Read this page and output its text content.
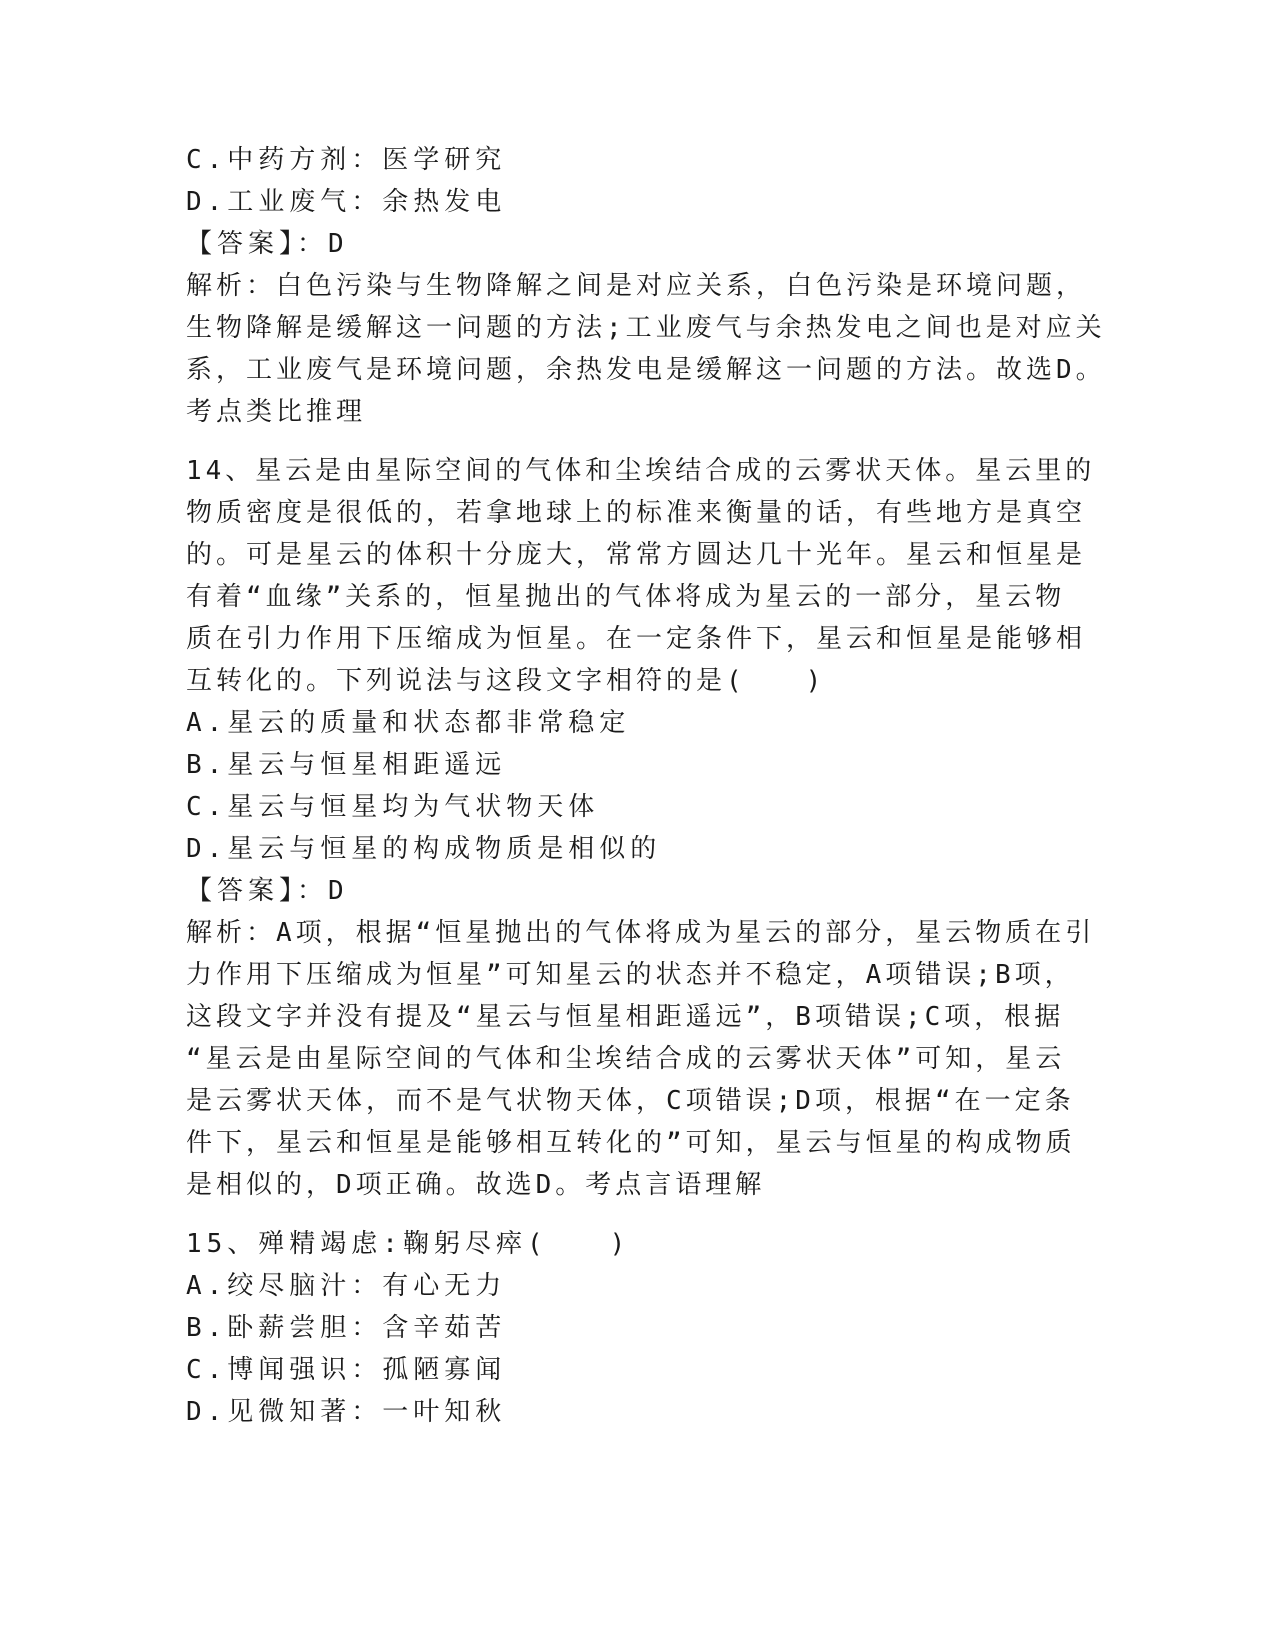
C.中药方剂：医学研究
D.工业废气：余热发电
【答案】：D
解析：白色污染与生物降解之间是对应关系，白色污染是环境问题，
生物降解是缓解这一问题的方法;工业废气与余热发电之间也是对应关
系，工业废气是环境问题，余热发电是缓解这一问题的方法。故选D。
考点类比推理
14、星云是由星际空间的气体和尘埃结合成的云雾状天体。星云里的
物质密度是很低的，若拿地球上的标准来衡量的话，有些地方是真空
的。可是星云的体积十分庞大，常常方圆达几十光年。星云和恒星是
有着“血缘”关系的，恒星抛出的气体将成为星云的一部分，星云物
质在引力作用下压缩成为恒星。在一定条件下，星云和恒星是能够相
互转化的。下列说法与这段文字相符的是(　　)
A.星云的质量和状态都非常稳定
B.星云与恒星相距遥远
C.星云与恒星均为气状物天体
D.星云与恒星的构成物质是相似的
【答案】：D
解析：A项，根据“恒星抛出的气体将成为星云的部分，星云物质在引
力作用下压缩成为恒星”可知星云的状态并不稳定，A项错误;B项，
这段文字并没有提及“星云与恒星相距遥远”，B项错误;C项，根据
“星云是由星际空间的气体和尘埃结合成的云雾状天体”可知，星云
是云雾状天体，而不是气状物天体，C项错误;D项，根据“在一定条
件下，星云和恒星是能够相互转化的”可知，星云与恒星的构成物质
是相似的，D项正确。故选D。考点言语理解
15、殚精竭虑:鞠躬尽瘁(　　)
A.绞尽脑汁：有心无力
B.卧薪尝胆：含辛茹苦
C.博闻强识：孤陋寡闻
D.见微知著：一叶知秋
